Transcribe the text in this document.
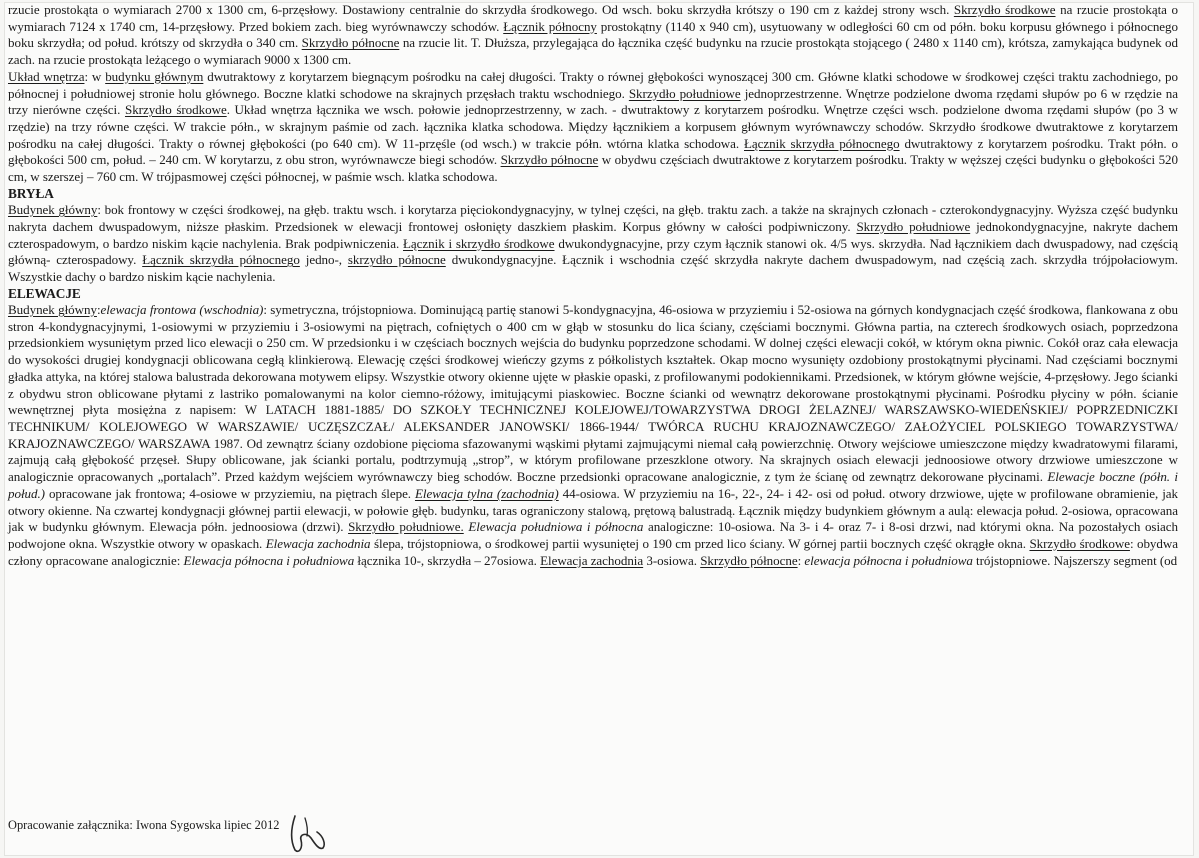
rzucie prostokąta o wymiarach 2700 x 1300 cm, 6-przęsłowy. Dostawiony centralnie do skrzydła środkowego. Od wsch. boku skrzydła krótszy o 190 cm z każdej strony wsch. Skrzydło środkowe na rzucie prostokąta o wymiarach 7124 x 1740 cm, 14-przęsłowy. Przed bokiem zach. bieg wyrównawczy schodów. Łącznik północny prostokątny (1140 x 940 cm), usytuowany w odległości 60 cm od półn. boku korpusu głównego i północnego boku skrzydła; od połud. krótszy od skrzydła o 340 cm. Skrzydło północne na rzucie lit. T. Dłuższa, przylegająca do łącznika część budynku na rzucie prostokąta stojącego ( 2480 x 1140 cm), krótsza, zamykająca budynek od zach. na rzucie prostokąta leżącego o wymiarach 9000 x 1300 cm.

Układ wnętrza: w budynku głównym dwutraktowy z korytarzem biegnącym pośrodku na całej długości. Trakty o równej głębokości wynoszącej 300 cm. Główne klatki schodowe w środkowej części traktu zachodniego, po północnej i południowej stronie holu głównego. Boczne klatki schodowe na skrajnych przęsłach traktu wschodniego. Skrzydło południowe jednoprzestrzenne. Wnętrze podzielone dwoma rzędami słupów po 6 w rzędzie na trzy nierówne części. Skrzydło środkowe. Układ wnętrza łącznika we wsch. połowie jednoprzestrzenny, w zach. - dwutraktowy z korytarzem pośrodku. Wnętrze części wsch. podzielone dwoma rzędami słupów (po 3 w rzędzie) na trzy równe części. W trakcie półn., w skrajnym paśmie od zach. łącznika klatka schodowa. Między łącznikiem a korpusem głównym wyrównawczy schodów. Skrzydło środkowe dwutraktowe z korytarzem pośrodku na całej długości. Trakty o równej głębokości (po 640 cm). W 11-przęśle (od wsch.) w trakcie półn. wtórna klatka schodowa. Łącznik skrzydła północnego dwutraktowy z korytarzem pośrodku. Trakt półn. o głębokości 500 cm, połud. – 240 cm. W korytarzu, z obu stron, wyrównawcze biegi schodów. Skrzydło północne w obydwu częściach dwutraktowe z korytarzem pośrodku. Trakty w węższej części budynku o głębokości 520 cm, w szerszej – 760 cm. W trójpasmowej części północnej, w paśmie wsch. klatka schodowa.

BRYŁA

Budynek główny: bok frontowy w części środkowej, na głęb. traktu wsch. i korytarza pięciokondygnacyjny, w tylnej części, na głęb. traktu zach. a także na skrajnych członach - czterokondygnacyjny. Wyższa część budynku nakryta dachem dwuspadowym, niższe płaskim. Przedsionek w elewacji frontowej osłonięty daszkiem płaskim. Korpus główny w całości podpiwniczony. Skrzydło południowe jednokondygnacyjne, nakryte dachem czterospadowym, o bardzo niskim kącie nachylenia. Brak podpiwniczenia. Łącznik i skrzydło środkowe dwukondygnacyjne, przy czym łącznik stanowi ok. 4/5 wys. skrzydła. Nad łącznikiem dach dwuspadowy, nad częścią główną- czterospadowy. Łącznik skrzydła północnego jedno-, skrzydło północne dwukondygnacyjne. Łącznik i wschodnia część skrzydła nakryte dachem dwuspadowym, nad częścią zach. skrzydła trójpołaciowym. Wszystkie dachy o bardzo niskim kącie nachylenia.

ELEWACJE

Budynek główny:elewacja frontowa (wschodnia): symetryczna, trójstopniowa. Dominującą partię stanowi 5-kondygnacyjna, 46-osiowa w przyziemiu i 52-osiowa na górnych kondygnacjach część środkowa, flankowana z obu stron 4-kondygnacyjnymi, 1-osiowymi w przyziemiu i 3-osiowymi na piętrach, cofniętych o 400 cm w głąb w stosunku do lica ściany, częściami bocznymi. Główna partia, na czterech środkowych osiach, poprzedzona przedsionkiem wysuniętym przed lico elewacji o 250 cm. W przedsionku i w częściach bocznych wejścia do budynku poprzedzone schodami. W dolnej części elewacji cokół, w którym okna piwnic. Cokół oraz cała elewacja do wysokości drugiej kondygnacji oblicowana cegłą klinkierową. Elewację części środkowej wieńczy gzyms z półkolistych kształtek. Okap mocno wysunięty ozdobiony prostokątnymi płycinami. Nad częściami bocznymi gładka attyka, na której stalowa balustrada dekorowana motywem elipsy. Wszystkie otwory okienne ujęte w płaskie opaski, z profilowanymi podokiennikami. Przedsionek, w którym główne wejście, 4-przęsłowy. Jego ścianki z obydwu stron oblicowane płytami z lastriko pomalowanymi na kolor ciemno-różowy, imitującymi piaskowiec. Boczne ścianki od wewnątrz dekorowane prostokątnymi płycinami. Pośrodku płyciny w półn. ścianie wewnętrznej płyta mosiężna z napisem: W LATACH 1881-1885/ DO SZKOŁY TECHNICZNEJ KOLEJOWEJ/TOWARZYSTWA DROGI ŻELAZNEJ/ WARSZAWSKO-WIEDEŃSKIEJ/ POPRZEDNICZKI TECHNIKUM/ KOLEJOWEGO W WARSZAWIE/ UCZĘSZCZAŁ/ ALEKSANDER JANOWSKI/ 1866-1944/ TWÓRCA RUCHU KRAJOZNAWCZEGO/ ZAŁOŻYCIEL POLSKIEGO TOWARZYSTWA/ KRAJOZNAWCZEGO/ WARSZAWA 1987. Od zewnątrz ściany ozdobione pięcioma sfazowanymi wąskimi płytami zajmującymi niemal całą powierzchnię. Otwory wejściowe umieszczone między kwadratowymi filarami, zajmują całą głębokość przęseł. Słupy oblicowane, jak ścianki portalu, podtrzymują „strop”, w którym profilowane przeszklone otwory. Na skrajnych osiach elewacji jednoosiowe otwory drzwiowe umieszczone w analogicznie opracowanych „portalach”. Przed każdym wejściem wyrównawczy bieg schodów. Boczne przedsionki opracowane analogicznie, z tym że ścianę od zewnątrz dekorowane płycinami. Elewacje boczne (półn. i połud.) opracowane jak frontowa; 4-osiowe w przyziemiu, na piętrach ślepe. Elewacja tylna (zachodnia) 44-osiowa. W przyziemiu na 16-, 22-, 24- i 42- osi od połud. otwory drzwiowe, ujęte w profilowane obramienie, jak otwory okienne. Na czwartej kondygnacji głównej partii elewacji, w połowie głęb. budynku, taras ograniczony stalową, prętową balustradą. Łącznik między budynkiem głównym a aulą: elewacja połud. 2-osiowa, opracowana jak w budynku głównym. Elewacja półn. jednoosiowa (drzwi). Skrzydło południowe. Elewacja południowa i północna analogiczne: 10-osiowa. Na 3- i 4- oraz 7- i 8-osi drzwi, nad którymi okna. Na pozostałych osiach podwojone okna. Wszystkie otwory w opaskach. Elewacja zachodnia ślepa, trójstopniowa, o środkowej partii wysuniętej o 190 cm przed lico ściany. W górnej partii bocznych część okrągłe okna. Skrzydło środkowe: obydwa człony opracowane analogicznie: Elewacja północna i południowa łącznika 10-, skrzydła – 27osiowa. Elewacja zachodnia 3-osiowa. Skrzydło północne: elewacja północna i południowa trójstopniowe. Najszerszy segment (od

Opracowanie załącznika: Iwona Sygowska lipiec 2012
